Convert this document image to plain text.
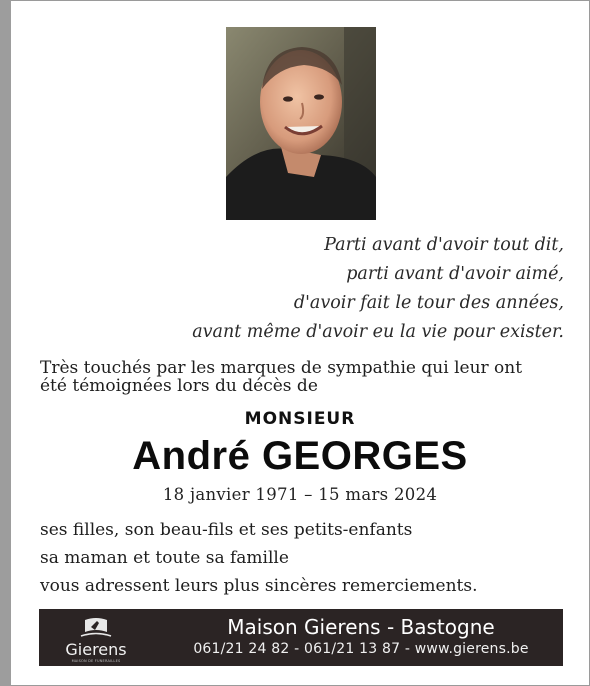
Parti avant d'avoir tout dit,
parti avant d'avoir aimé,
d'avoir fait le tour des années,
avant même d'avoir eu la vie pour exister.
Très touchés par les marques de sympathie qui leur ont
été témoignées lors du décès de
MONSIEUR
André GEORGES
18 janvier 1971 – 15 mars 2024
ses filles, son beau-fils et ses petits-enfants
sa maman et toute sa famille
vous adressent leurs plus sincères remerciements.
Gierens
MAISON DE FUNERAILLES
Maison Gierens - Bastogne
061/21 24 82 - 061/21 13 87 - www.gierens.be
